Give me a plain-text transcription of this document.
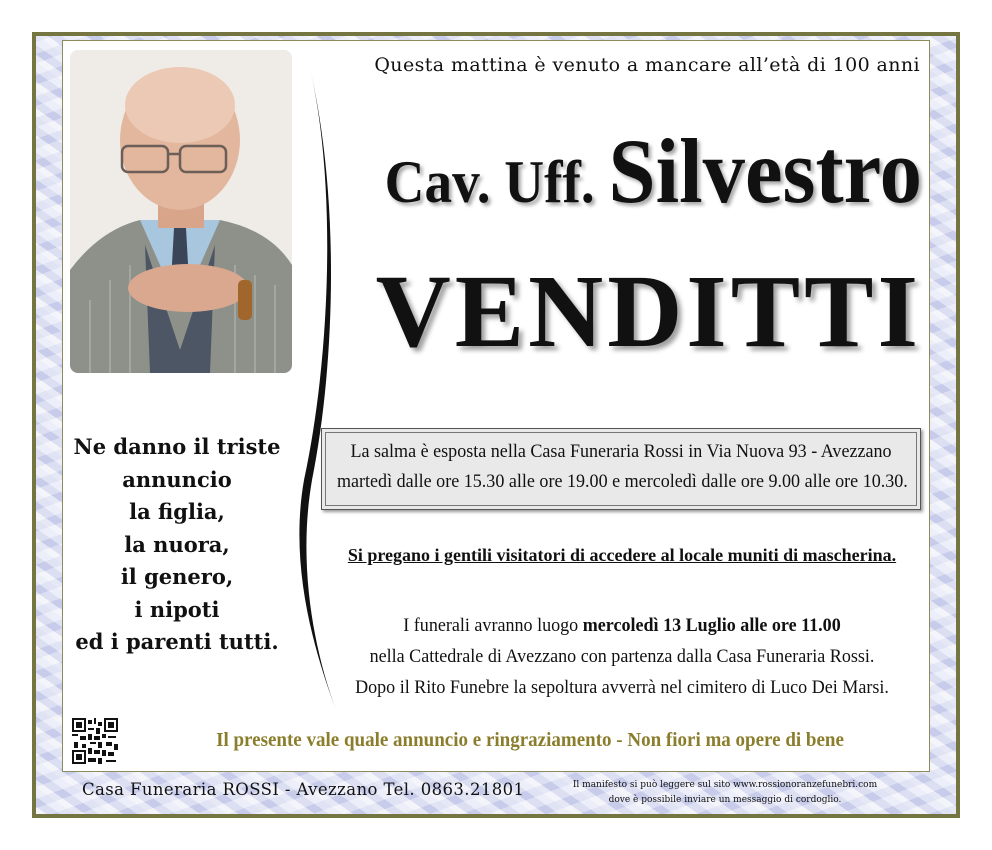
Questa mattina è venuto a mancare all’età di 100 anni
Cav. Uff. Silvestro
VENDITTI
Ne danno il triste
annuncio
la figlia,
la nuora,
il genero,
i nipoti
ed i parenti tutti.
La salma è esposta nella Casa Funeraria Rossi in Via Nuova 93 - Avezzano
martedì dalle ore 15.30 alle ore 19.00 e mercoledì dalle ore 9.00 alle ore 10.30.
Si pregano i gentili visitatori di accedere al locale muniti di mascherina.
I funerali avranno luogo mercoledì 13 Luglio alle ore 11.00
nella Cattedrale di Avezzano con partenza dalla Casa Funeraria Rossi.
Dopo il Rito Funebre la sepoltura avverrà nel cimitero di Luco Dei Marsi.
Il presente vale quale annuncio e ringraziamento - Non fiori ma opere di bene
Casa Funeraria ROSSI - Avezzano Tel. 0863.21801	Il manifesto si può leggere sul sito www.rossionoranzefunebri.com
dove è possibile inviare un messaggio di cordoglio.
